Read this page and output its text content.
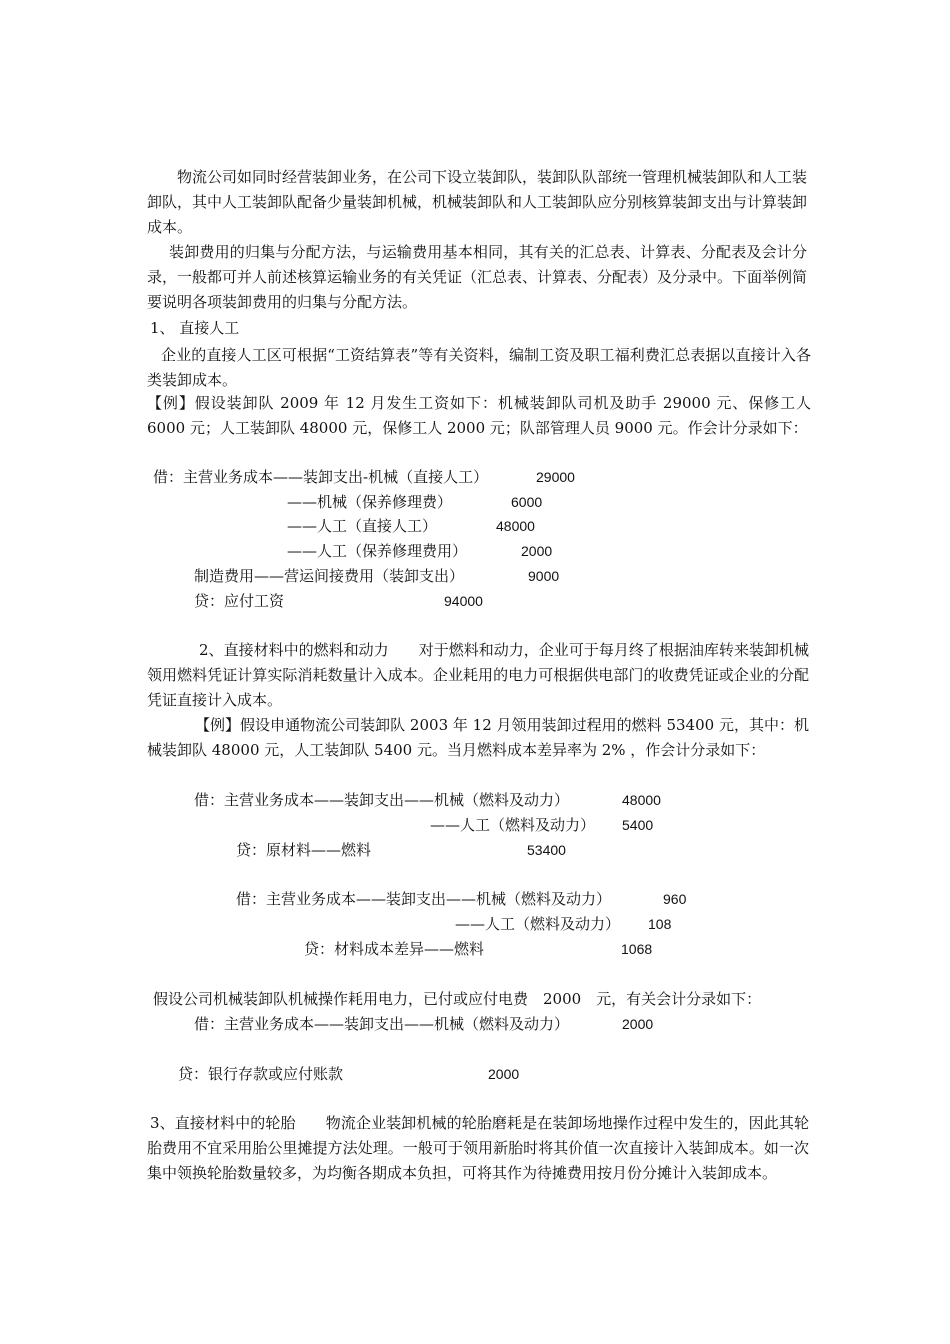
物流公司如同时经营装卸业务，在公司下设立装卸队，装卸队队部统一管理机械装卸队和人工装卸队，其中人工装卸队配备少量装卸机械，机械装卸队和人工装卸队应分别核算装卸支出与计算装卸成本。

装卸费用的归集与分配方法，与运输费用基本相同，其有关的汇总表、计算表、分配表及会计分录，一般都可并人前述核算运输业务的有关凭证（汇总表、计算表、分配表）及分录中。下面举例简要说明各项装卸费用的归集与分配方法。

1、 直接人工

企业的直接人工区可根据“工资结算表”等有关资料，编制工资及职工福利费汇总表据以直接计入各类装卸成本。

【例】假设装卸队 2009 年 12 月发生工资如下：机械装卸队司机及助手 29000 元、保修工人 6000 元；人工装卸队 48000 元，保修工人 2000 元；队部管理人员 9000 元。作会计分录如下：

借：主营业务成本——装卸支出-机械（直接人工）	29000
——机械（保养修理费）	6000
——人工（直接人工）	48000
——人工（保养修理费用）	2000
制造费用——营运间接费用（装卸支出）	9000
贷：应付工资	94000

2、直接材料中的燃料和动力　　对于燃料和动力，企业可于每月终了根据油库转来装卸机械领用燃料凭证计算实际消耗数量计入成本。企业耗用的电力可根据供电部门的收费凭证或企业的分配凭证直接计入成本。

【例】假设申通物流公司装卸队 2003 年 12 月领用装卸过程用的燃料 53400 元，其中：机械装卸队 48000 元，人工装卸队 5400 元。当月燃料成本差异率为 2% ，作会计分录如下：

借：主营业务成本——装卸支出——机械（燃料及动力）	48000
——人工（燃料及动力） 5400
贷：原材料——燃料	53400
借：主营业务成本——装卸支出——机械（燃料及动力）	960
——人工（燃料及动力） 108
贷：材料成本差异——燃料	1068
假设公司机械装卸队机械操作耗用电力，已付或应付电费　2000　元，有关会计分录如下：
借：主营业务成本——装卸支出——机械（燃料及动力）	2000
贷：银行存款或应付账款	2000

3、直接材料中的轮胎　　物流企业装卸机械的轮胎磨耗是在装卸场地操作过程中发生的，因此其轮胎费用不宜采用胎公里摊提方法处理。一般可于领用新胎时将其价值一次直接计入装卸成本。如一次集中领换轮胎数量较多，为均衡各期成本负担，可将其作为待摊费用按月份分摊计入装卸成本。
